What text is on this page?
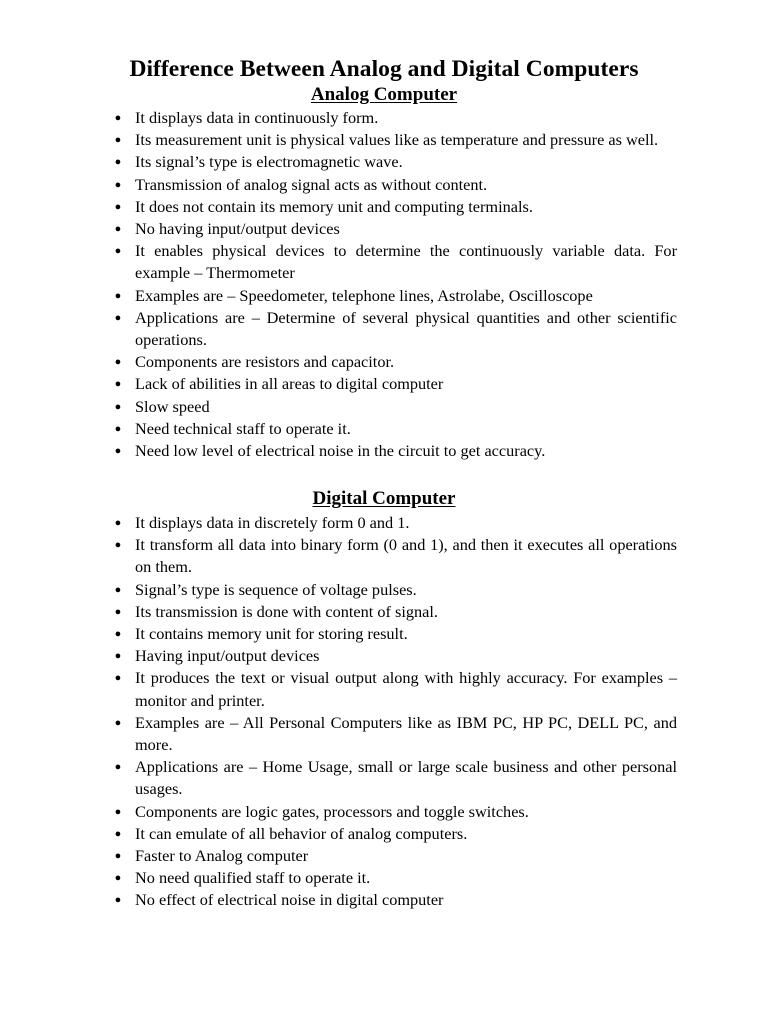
Difference Between Analog and Digital Computers
Analog Computer
● It displays data in continuously form.
● Its measurement unit is physical values like as temperature and pressure as well.
● Its signal’s type is electromagnetic wave.
● Transmission of analog signal acts as without content.
● It does not contain its memory unit and computing terminals.
● No having input/output devices
● It enables physical devices to determine the continuously variable data. For example – Thermometer
● Examples are – Speedometer, telephone lines, Astrolabe, Oscilloscope
● Applications are – Determine of several physical quantities and other scientific operations.
● Components are resistors and capacitor.
● Lack of abilities in all areas to digital computer
● Slow speed
● Need technical staff to operate it.
● Need low level of electrical noise in the circuit to get accuracy.
Digital Computer
● It displays data in discretely form 0 and 1.
● It transform all data into binary form (0 and 1), and then it executes all operations on them.
● Signal’s type is sequence of voltage pulses.
● Its transmission is done with content of signal.
● It contains memory unit for storing result.
● Having input/output devices
● It produces the text or visual output along with highly accuracy. For examples – monitor and printer.
● Examples are – All Personal Computers like as IBM PC, HP PC, DELL PC, and more.
● Applications are – Home Usage, small or large scale business and other personal usages.
● Components are logic gates, processors and toggle switches.
● It can emulate of all behavior of analog computers.
● Faster to Analog computer
● No need qualified staff to operate it.
● No effect of electrical noise in digital computer
